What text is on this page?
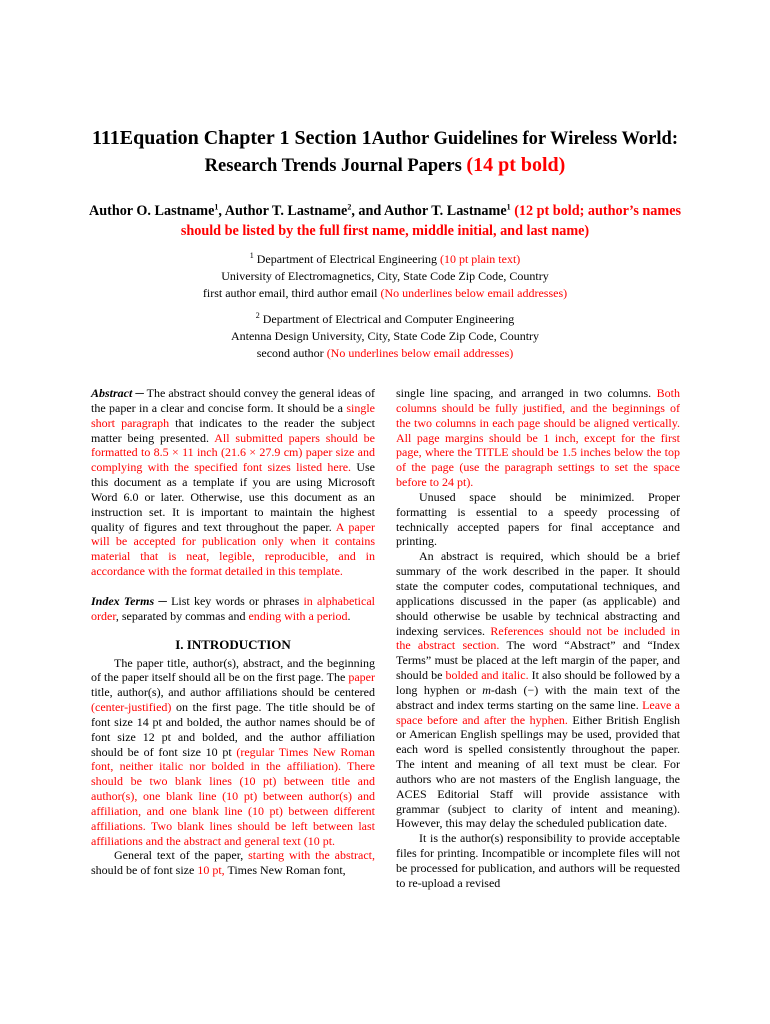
111Equation Chapter 1 Section 1Author Guidelines for Wireless World:
Research Trends Journal Papers (14 pt bold)
Author O. Lastname$^1$, Author T. Lastname$^2$, and Author T. Lastname$^1$ (12 pt bold; author’s names should be listed by the full first name, middle initial, and last name)
$^1$ Department of Electrical Engineering (10 pt plain text)
University of Electromagnetics, City, State Code Zip Code, Country
first author email, third author email (No underlines below email addresses)
$^2$ Department of Electrical and Computer Engineering
Antenna Design University, City, State Code Zip Code, Country
second author (No underlines below email addresses)

Abstract ─ The abstract should convey the general ideas of the paper in a clear and concise form. It should be a single short paragraph that indicates to the reader the subject matter being presented. All submitted papers should be formatted to 8.5 × 11 inch (21.6 × 27.9 cm) paper size and complying with the specified font sizes listed here. Use this document as a template if you are using Microsoft Word 6.0 or later. Otherwise, use this document as an instruction set. It is important to maintain the highest quality of figures and text throughout the paper. A paper will be accepted for publication only when it contains material that is neat, legible, reproducible, and in accordance with the format detailed in this template.

Index Terms ─ List key words or phrases in alphabetical order, separated by commas and ending with a period.

I. INTRODUCTION

The paper title, author(s), abstract, and the beginning of the paper itself should all be on the first page. The paper title, author(s), and author affiliations should be centered (center-justified) on the first page. The title should be of font size 14 pt and bolded, the author names should be of font size 12 pt and bolded, and the author affiliation should be of font size 10 pt (regular Times New Roman font, neither italic nor bolded in the affiliation). There should be two blank lines (10 pt) between title and author(s), one blank line (10 pt) between author(s) and affiliation, and one blank line (10 pt) between different affiliations. Two blank lines should be left between last affiliations and the abstract and general text (10 pt.

General text of the paper, starting with the abstract, should be of font size 10 pt, Times New Roman font,

single line spacing, and arranged in two columns. Both columns should be fully justified, and the beginnings of the two columns in each page should be aligned vertically. All page margins should be 1 inch, except for the first page, where the TITLE should be 1.5 inches below the top of the page (use the paragraph settings to set the space before to 24 pt).

Unused space should be minimized. Proper formatting is essential to a speedy processing of technically accepted papers for final acceptance and printing.

An abstract is required, which should be a brief summary of the work described in the paper. It should state the computer codes, computational techniques, and applications discussed in the paper (as applicable) and should otherwise be usable by technical abstracting and indexing services. References should not be included in the abstract section. The word “Abstract” and “Index Terms” must be placed at the left margin of the paper, and should be bolded and italic. It also should be followed by a long hyphen or m-dash (−) with the main text of the abstract and index terms starting on the same line. Leave a space before and after the hyphen. Either British English or American English spellings may be used, provided that each word is spelled consistently throughout the paper. The intent and meaning of all text must be clear. For authors who are not masters of the English language, the ACES Editorial Staff will provide assistance with grammar (subject to clarity of intent and meaning). However, this may delay the scheduled publication date.

It is the author(s) responsibility to provide acceptable files for printing. Incompatible or incomplete files will not be processed for publication, and authors will be requested to re-upload a revised
